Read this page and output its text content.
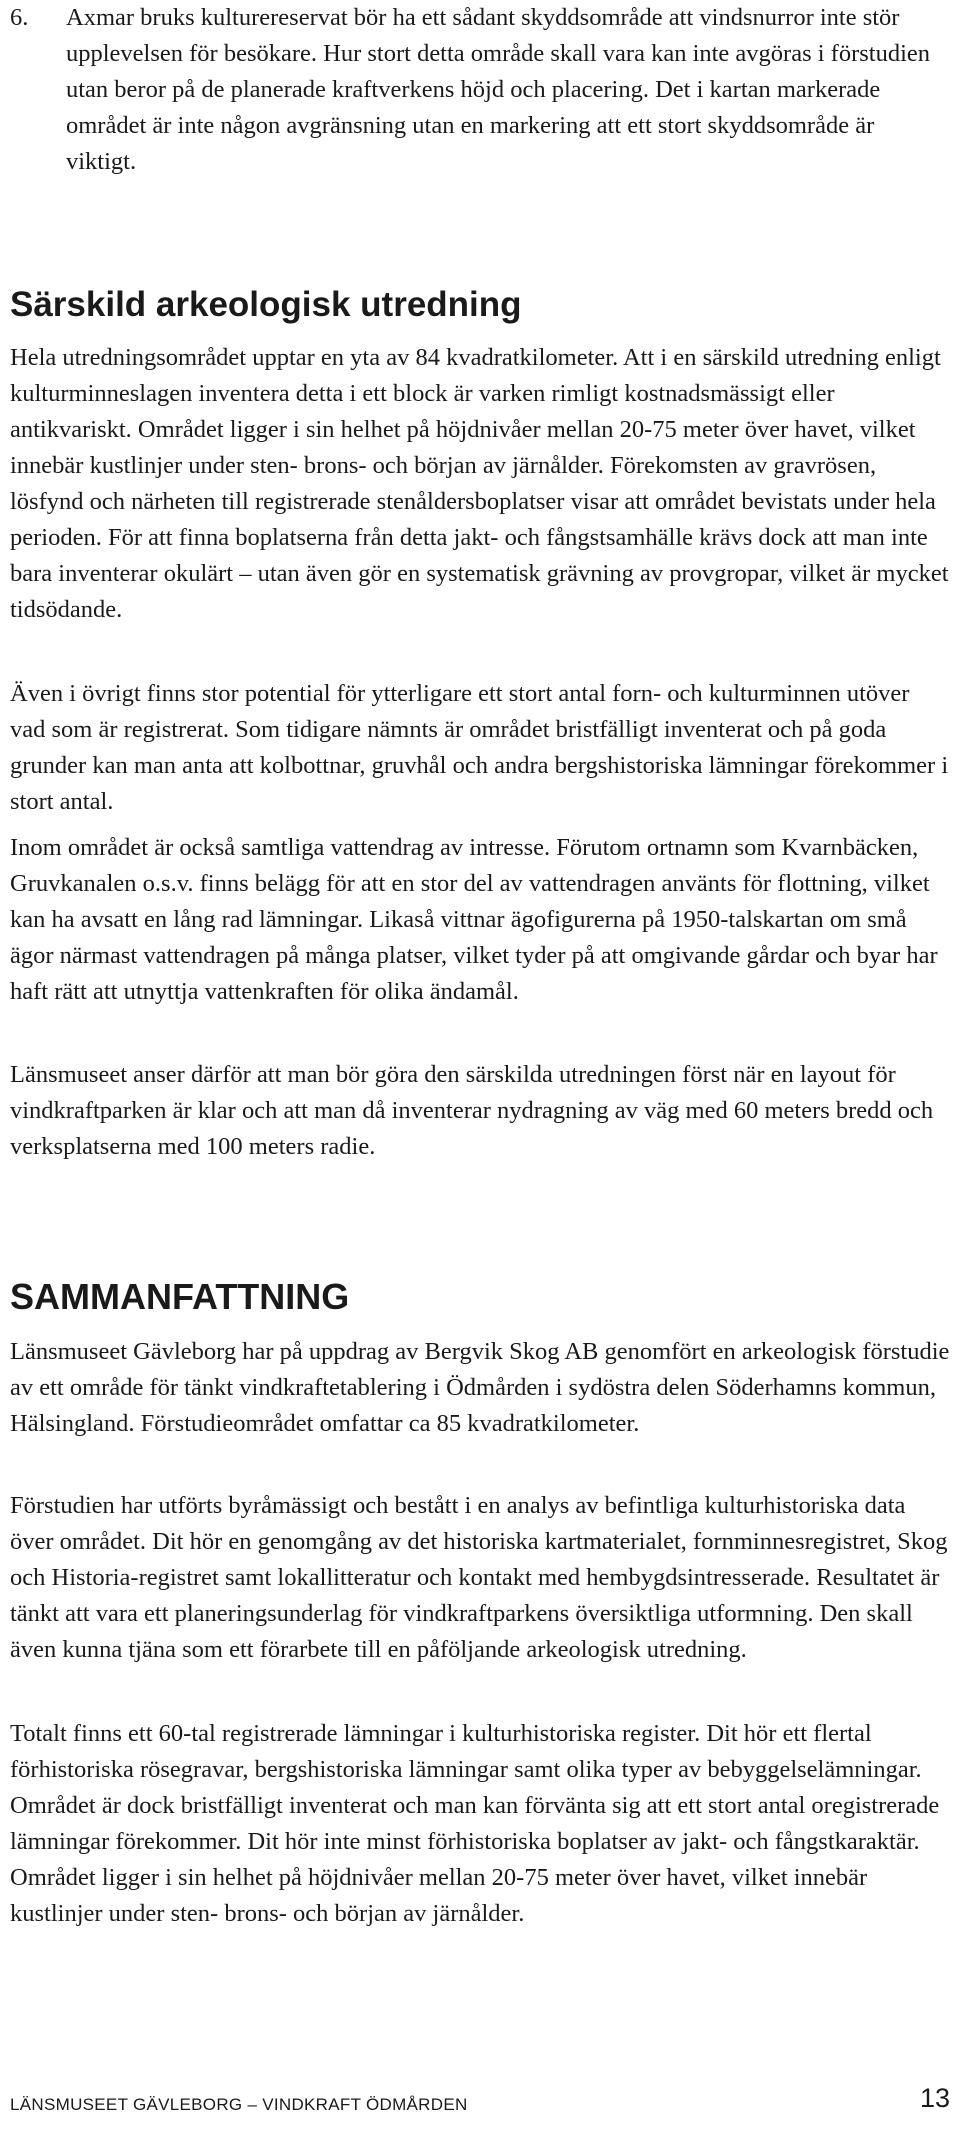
6. Axmar bruks kulturereservat bör ha ett sådant skyddsområde att vindsnurror inte stör upplevelsen för besökare. Hur stort detta område skall vara kan inte avgöras i förstudien utan beror på de planerade kraftverkens höjd och placering. Det i kartan markerade området är inte någon avgränsning utan en markering att ett stort skyddsområde är viktigt.

Särskild arkeologisk utredning

Hela utredningsområdet upptar en yta av 84 kvadratkilometer. Att i en särskild utredning enligt kulturminneslagen inventera detta i ett block är varken rimligt kostnadsmässigt eller antikvariskt. Området ligger i sin helhet på höjdnivåer mellan 20-75 meter över havet, vilket innebär kustlinjer under sten- brons- och början av järnålder. Förekomsten av gravrösen, lösfynd och närheten till registrerade stenåldersboplatser visar att området bevistats under hela perioden. För att finna boplatserna från detta jakt- och fångstsamhälle krävs dock att man inte bara inventerar okulärt – utan även gör en systematisk grävning av provgropar, vilket är mycket tidsödande.

Även i övrigt finns stor potential för ytterligare ett stort antal forn- och kulturminnen utöver vad som är registrerat. Som tidigare nämnts är området bristfälligt inventerat och på goda grunder kan man anta att kolbottnar, gruvhål och andra bergshistoriska lämningar förekommer i stort antal.

Inom området är också samtliga vattendrag av intresse. Förutom ortnamn som Kvarnbäcken, Gruvkanalen o.s.v. finns belägg för att en stor del av vattendragen använts för flottning, vilket kan ha avsatt en lång rad lämningar. Likaså vittnar ägofigurerna på 1950-talskartan om små ägor närmast vattendragen på många platser, vilket tyder på att omgivande gårdar och byar har haft rätt att utnyttja vattenkraften för olika ändamål.

Länsmuseet anser därför att man bör göra den särskilda utredningen först när en layout för vindkraftparken är klar och att man då inventerar nydragning av väg med 60 meters bredd och verksplatserna med 100 meters radie.

SAMMANFATTNING

Länsmuseet Gävleborg har på uppdrag av Bergvik Skog AB genomfört en arkeologisk förstudie av ett område för tänkt vindkraftetablering i Ödmården i sydöstra delen Söderhamns kommun, Hälsingland. Förstudieområdet omfattar ca 85 kvadratkilometer.

Förstudien har utförts byråmässigt och bestått i en analys av befintliga kulturhistoriska data över området. Dit hör en genomgång av det historiska kartmaterialet, fornminnesregistret, Skog och Historia-registret samt lokallitteratur och kontakt med hembygdsintresserade. Resultatet är tänkt att vara ett planeringsunderlag för vindkraftparkens översiktliga utformning. Den skall även kunna tjäna som ett förarbete till en påföljande arkeologisk utredning.

Totalt finns ett 60-tal registrerade lämningar i kulturhistoriska register. Dit hör ett flertal förhistoriska rösegravar, bergshistoriska lämningar samt olika typer av bebyggelselämningar. Området är dock bristfälligt inventerat och man kan förvänta sig att ett stort antal oregistrerade lämningar förekommer. Dit hör inte minst förhistoriska boplatser av jakt- och fångstkaraktär. Området ligger i sin helhet på höjdnivåer mellan 20-75 meter över havet, vilket innebär kustlinjer under sten- brons- och början av järnålder.

LÄNSMUSEET GÄVLEBORG – VINDKRAFT ÖDMÅRDEN	13
